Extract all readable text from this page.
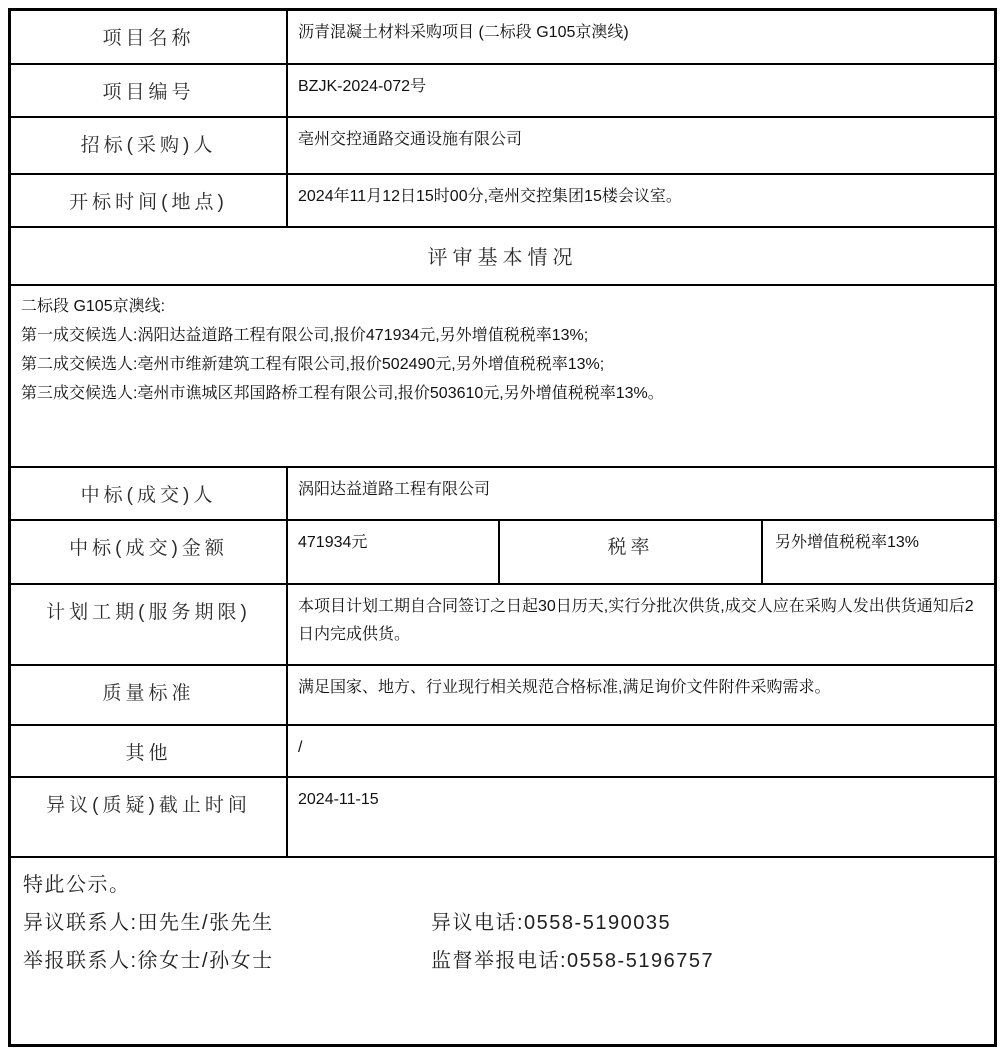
项目名称	沥青混凝土材料采购项目 (二标段 G105京澳线)
项目编号	BZJK-2024-072号
招标(采购)人	亳州交控通路交通设施有限公司
开标时间(地点)	2024年11月12日15时00分,亳州交控集团15楼会议室。
评审基本情况
二标段 G105京澳线:
第一成交候选人:涡阳达益道路工程有限公司,报价471934元,另外增值税税率13%;
第二成交候选人:亳州市维新建筑工程有限公司,报价502490元,另外增值税税率13%;
第三成交候选人:亳州市谯城区邦国路桥工程有限公司,报价503610元,另外增值税税率13%。
中标(成交)人	涡阳达益道路工程有限公司
中标(成交)金额	471934元	税率	另外增值税税率13%
计划工期(服务期限)	本项目计划工期自合同签订之日起30日历天,实行分批次供货,成交人应在采购人发出供货通知后2日内完成供货。
质量标准	满足国家、地方、行业现行相关规范合格标准,满足询价文件附件采购需求。
其他	/
异议(质疑)截止时间	2024-11-15
特此公示。
异议联系人:田先生/张先生	异议电话:0558-5190035
举报联系人:徐女士/孙女士	监督举报电话:0558-5196757
